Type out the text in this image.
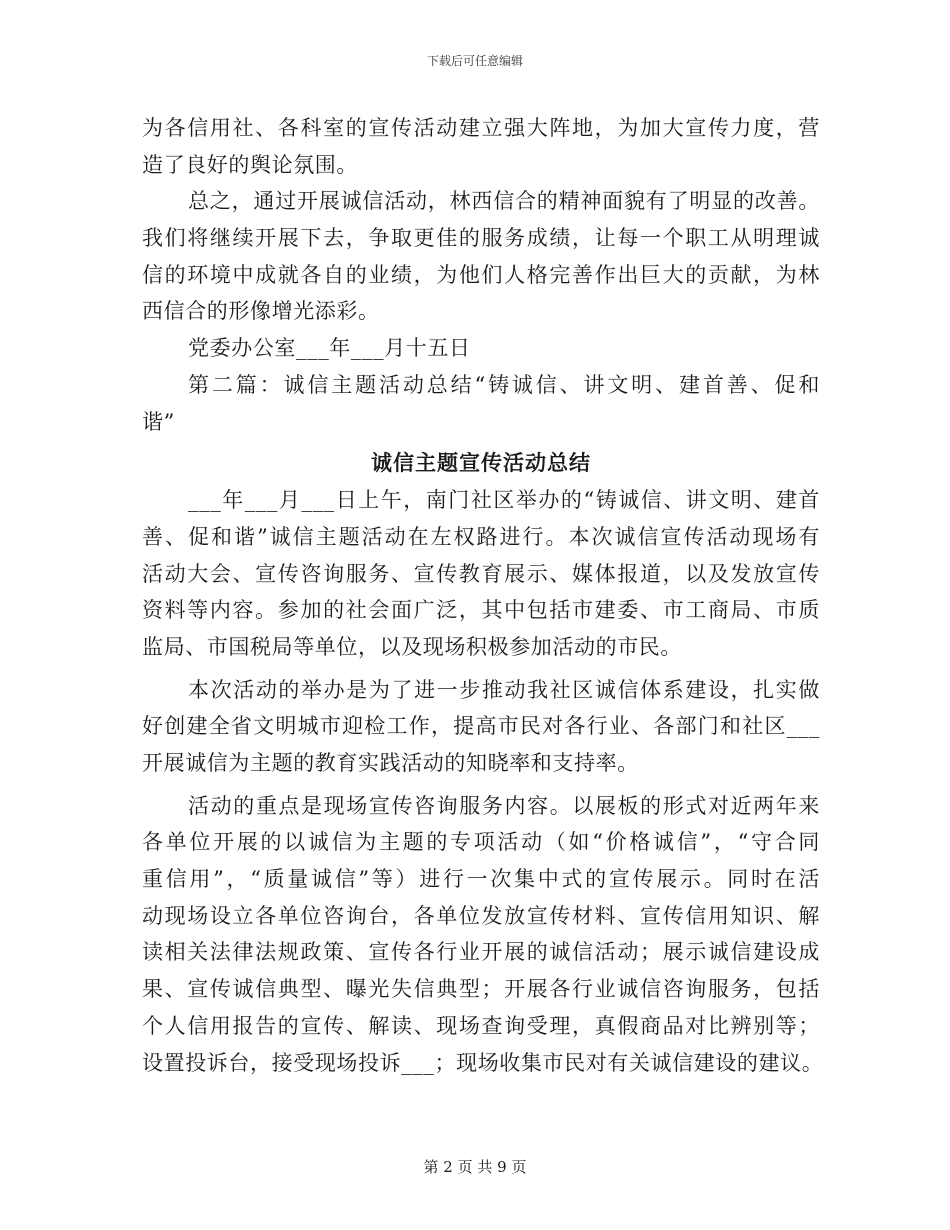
下载后可任意编辑
为各信用社、各科室的宣传活动建立强大阵地，为加大宣传力度，营
造了良好的舆论氛围。
总之，通过开展诚信活动，林西信合的精神面貌有了明显的改善。
我们将继续开展下去，争取更佳的服务成绩，让每一个职工从明理诚
信的环境中成就各自的业绩，为他们人格完善作出巨大的贡献，为林
西信合的形像增光添彩。
党委办公室___年___月十五日
第二篇：诚信主题活动总结“铸诚信、讲文明、建首善、促和
谐”
诚信主题宣传活动总结
___年___月___日上午，南门社区举办的“铸诚信、讲文明、建首
善、促和谐”诚信主题活动在左权路进行。本次诚信宣传活动现场有
活动大会、宣传咨询服务、宣传教育展示、媒体报道，以及发放宣传
资料等内容。参加的社会面广泛，其中包括市建委、市工商局、市质
监局、市国税局等单位，以及现场积极参加活动的市民。
本次活动的举办是为了进一步推动我社区诚信体系建设，扎实做
好创建全省文明城市迎检工作，提高市民对各行业、各部门和社区___
开展诚信为主题的教育实践活动的知晓率和支持率。
活动的重点是现场宣传咨询服务内容。以展板的形式对近两年来
各单位开展的以诚信为主题的专项活动（如“价格诚信”，“守合同
重信用”，“质量诚信”等）进行一次集中式的宣传展示。同时在活
动现场设立各单位咨询台，各单位发放宣传材料、宣传信用知识、解
读相关法律法规政策、宣传各行业开展的诚信活动；展示诚信建设成
果、宣传诚信典型、曝光失信典型；开展各行业诚信咨询服务，包括
个人信用报告的宣传、解读、现场查询受理，真假商品对比辨别等；
设置投诉台，接受现场投诉___；现场收集市民对有关诚信建设的建议。
第 2 页 共 9 页
